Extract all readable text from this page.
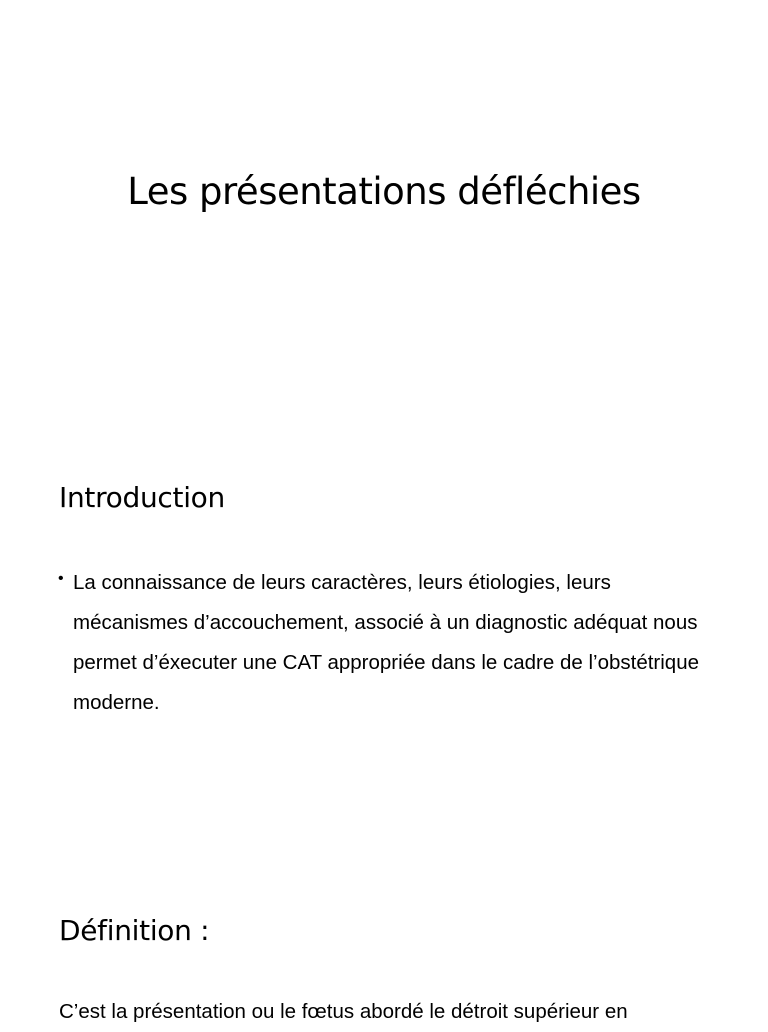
Les présentations défléchies
Introduction
• La connaissance de leurs caractères, leurs étiologies, leurs mécanismes d’accouchement, associé à un diagnostic adéquat nous permet d’éxecuter une CAT appropriée dans le cadre de l’obstétrique moderne.
Définition :

C’est la présentation ou le fœtus abordé le détroit supérieur en
